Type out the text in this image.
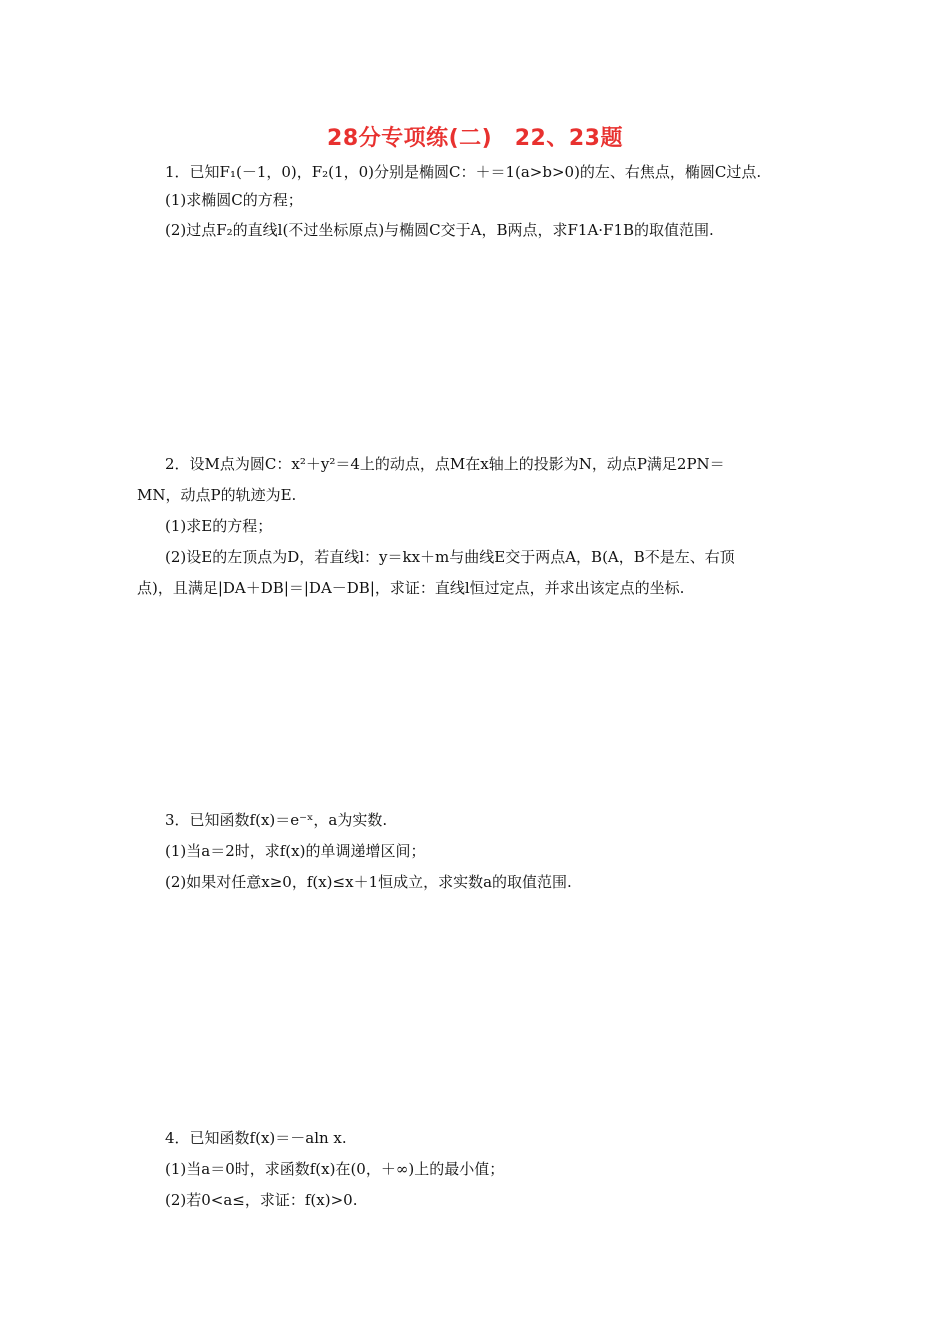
28分专项练(二)　22、23题
1．已知F₁(－1，0)，F₂(1，0)分别是椭圆C：＋＝1(a>b>0)的左、右焦点，椭圆C过点.
(1)求椭圆C的方程；
(2)过点F₂的直线l(不过坐标原点)与椭圆C交于A，B两点，求F1A·F1B的取值范围.
2．设M点为圆C：x²＋y²＝4上的动点，点M在x轴上的投影为N，动点P满足2PN＝
MN，动点P的轨迹为E.
(1)求E的方程；
(2)设E的左顶点为D，若直线l：y＝kx＋m与曲线E交于两点A，B(A，B不是左、右顶
点)，且满足|DA＋DB|＝|DA－DB|，求证：直线l恒过定点，并求出该定点的坐标.
3．已知函数f(x)＝e⁻ˣ，a为实数.
(1)当a＝2时，求f(x)的单调递增区间；
(2)如果对任意x≥0，f(x)≤x＋1恒成立，求实数a的取值范围.
4．已知函数f(x)＝－aln x.
(1)当a＝0时，求函数f(x)在(0，＋∞)上的最小值；
(2)若0<a≤，求证：f(x)>0.
